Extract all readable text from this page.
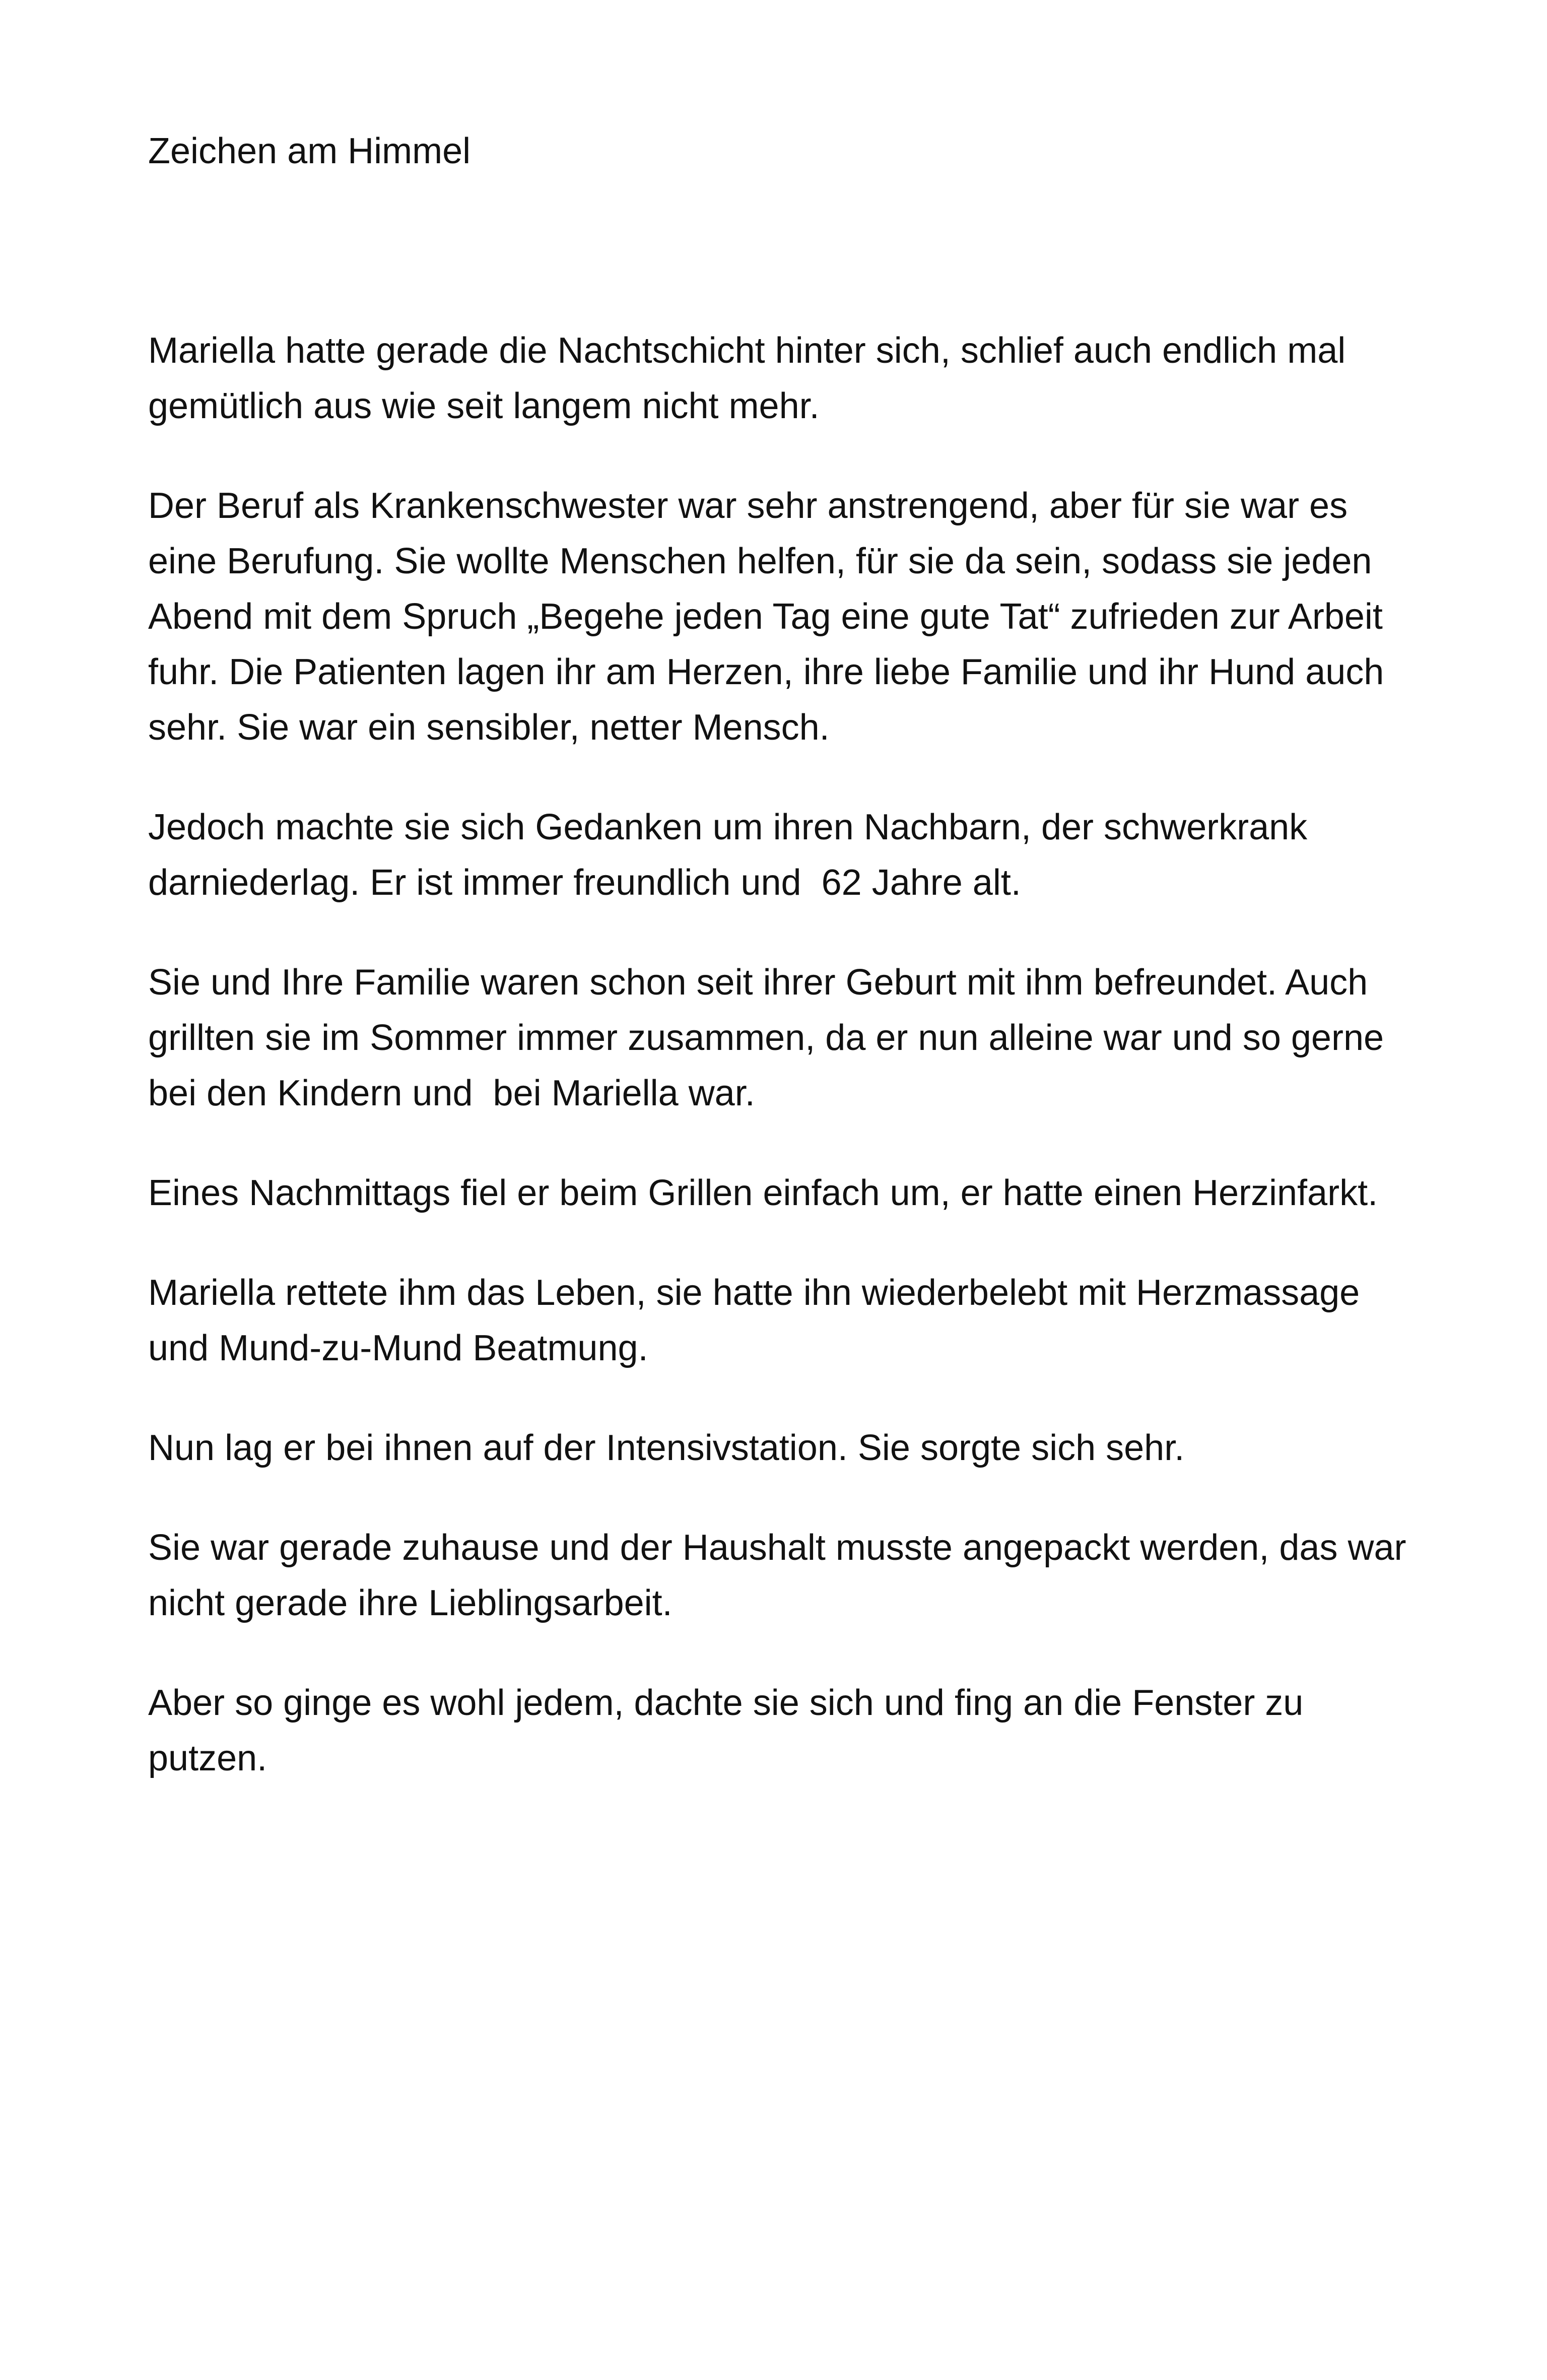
Zeichen am Himmel
Mariella hatte gerade die Nachtschicht hinter sich, schlief auch endlich mal
gemütlich aus wie seit langem nicht mehr.
Der Beruf als Krankenschwester war sehr anstrengend, aber für sie war es
eine Berufung. Sie wollte Menschen helfen, für sie da sein, sodass sie jeden
Abend mit dem Spruch „Begehe jeden Tag eine gute Tat“ zufrieden zur Arbeit
fuhr. Die Patienten lagen ihr am Herzen, ihre liebe Familie und ihr Hund auch
sehr. Sie war ein sensibler, netter Mensch.
Jedoch machte sie sich Gedanken um ihren Nachbarn, der schwerkrank
darniederlag. Er ist immer freundlich und  62 Jahre alt.
Sie und Ihre Familie waren schon seit ihrer Geburt mit ihm befreundet. Auch
grillten sie im Sommer immer zusammen, da er nun alleine war und so gerne
bei den Kindern und  bei Mariella war.
Eines Nachmittags fiel er beim Grillen einfach um, er hatte einen Herzinfarkt.
Mariella rettete ihm das Leben, sie hatte ihn wiederbelebt mit Herzmassage
und Mund-zu-Mund Beatmung.
Nun lag er bei ihnen auf der Intensivstation. Sie sorgte sich sehr.
Sie war gerade zuhause und der Haushalt musste angepackt werden, das war
nicht gerade ihre Lieblingsarbeit.
Aber so ginge es wohl jedem, dachte sie sich und fing an die Fenster zu
putzen.
